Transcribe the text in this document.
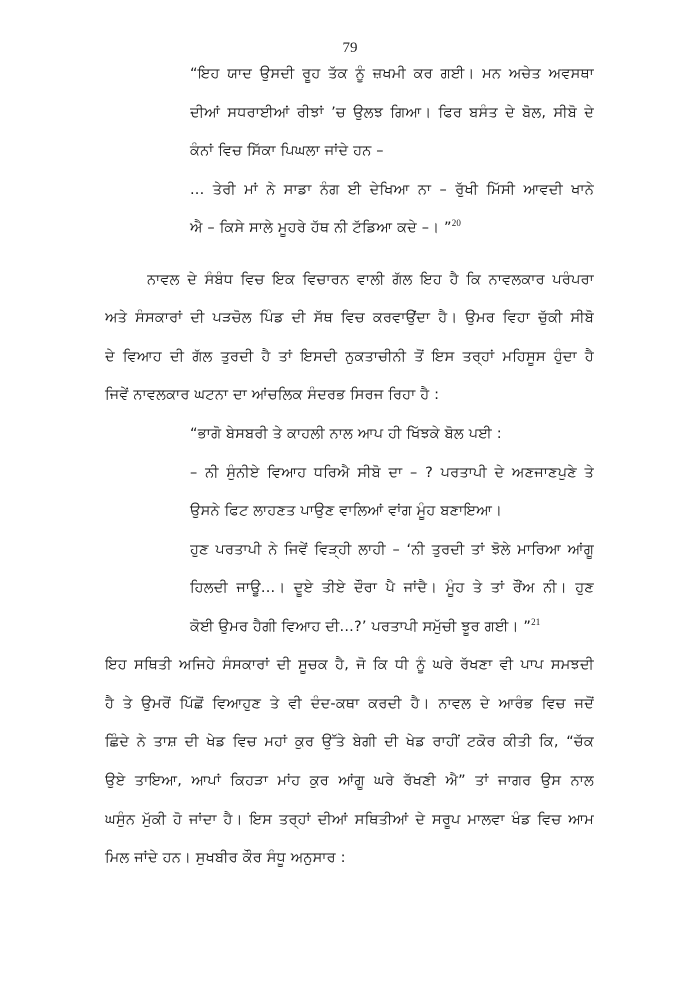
79
“ਇਹ ਯਾਦ ਉਸਦੀ ਰੂਹ ਤੱਕ ਨੂੰ ਜ਼ਖਮੀ ਕਰ ਗਈ। ਮਨ ਅਚੇਤ ਅਵਸਥਾ
ਦੀਆਂ ਸਧਰਾਈਆਂ ਰੀਝਾਂ ’ਚ ਉਲਝ ਗਿਆ। ਫਿਰ ਬਸੰਤ ਦੇ ਬੋਲ, ਸੀਬੋ ਦੇ
ਕੰਨਾਂ ਵਿਚ ਸਿੱਕਾ ਪਿਘਲਾ ਜਾਂਦੇ ਹਨ –
... ਤੇਰੀ ਮਾਂ ਨੇ ਸਾਡਾ ਨੰਗ ਈ ਦੇਖਿਆ ਨਾ – ਰੁੱਖੀ ਮਿੱਸੀ ਆਵਦੀ ਖਾਨੇ
ਐ – ਕਿਸੇ ਸਾਲੇ ਮੂਹਰੇ ਹੱਥ ਨੀ ਟੱਡਿਆ ਕਦੇ –। ”$^{20}$
ਨਾਵਲ ਦੇ ਸੰਬੰਧ ਵਿਚ ਇਕ ਵਿਚਾਰਨ ਵਾਲੀ ਗੱਲ ਇਹ ਹੈ ਕਿ ਨਾਵਲਕਾਰ ਪਰੰਪਰਾ
ਅਤੇ ਸੰਸਕਾਰਾਂ ਦੀ ਪੜਚੋਲ ਪਿੰਡ ਦੀ ਸੱਥ ਵਿਚ ਕਰਵਾਉਂਦਾ ਹੈ। ਉਮਰ ਵਿਹਾ ਚੁੱਕੀ ਸੀਬੋ
ਦੇ ਵਿਆਹ ਦੀ ਗੱਲ ਤੁਰਦੀ ਹੈ ਤਾਂ ਇਸਦੀ ਨੁਕਤਾਚੀਨੀ ਤੋਂ ਇਸ ਤਰ੍ਹਾਂ ਮਹਿਸੂਸ ਹੁੰਦਾ ਹੈ
ਜਿਵੇਂ ਨਾਵਲਕਾਰ ਘਟਨਾ ਦਾ ਆਂਚਲਿਕ ਸੰਦਰਭ ਸਿਰਜ ਰਿਹਾ ਹੈ :
“ਭਾਗੋ ਬੇਸਬਰੀ ਤੇ ਕਾਹਲੀ ਨਾਲ ਆਪ ਹੀ ਖਿੱਝਕੇ ਬੋਲ ਪਈ :
– ਨੀ ਸੁੰਨੀਏ ਵਿਆਹ ਧਰਿਐ ਸੀਬੋ ਦਾ – ? ਪਰਤਾਪੀ ਦੇ ਅਣਜਾਣਪੁਣੇ ਤੇ
ਉਸਨੇ ਫਿਟ ਲਾਹਣਤ ਪਾਉਣ ਵਾਲਿਆਂ ਵਾਂਗ ਮੂੰਹ ਬਣਾਇਆ।
ਹੁਣ ਪਰਤਾਪੀ ਨੇ ਜਿਵੇਂ ਵਿੜ੍ਹੀ ਲਾਹੀ – ‘ਨੀ ਤੁਰਦੀ ਤਾਂ ਝੋਲੇ ਮਾਰਿਆ ਆਂਗੂ
ਹਿਲਦੀ ਜਾਊ...। ਦੂਏ ਤੀਏ ਦੌਰਾ ਪੈ ਜਾਂਦੈ। ਮੂੰਹ ਤੇ ਤਾਂ ਰੌਂਅ ਨੀ। ਹੁਣ
ਕੋਈ ਉਮਰ ਹੈਗੀ ਵਿਆਹ ਦੀ...?’ ਪਰਤਾਪੀ ਸਮੁੱਚੀ ਝੂਰ ਗਈ। ”$^{21}$
ਇਹ ਸਥਿਤੀ ਅਜਿਹੇ ਸੰਸਕਾਰਾਂ ਦੀ ਸੂਚਕ ਹੈ, ਜੋ ਕਿ ਧੀ ਨੂੰ ਘਰੇ ਰੱਖਣਾ ਵੀ ਪਾਪ ਸਮਝਦੀ
ਹੈ ਤੇ ਉਮਰੋਂ ਪਿੱਛੋਂ ਵਿਆਹੁਣ ਤੇ ਵੀ ਦੰਦ-ਕਥਾ ਕਰਦੀ ਹੈ। ਨਾਵਲ ਦੇ ਆਰੰਭ ਵਿਚ ਜਦੋਂ
ਛਿੰਦੇ ਨੇ ਤਾਸ਼ ਦੀ ਖੇਡ ਵਿਚ ਮਹਾਂ ਕੁਰ ਉੱਤੇ ਬੇਗੀ ਦੀ ਖੇਡ ਰਾਹੀਂ ਟਕੋਰ ਕੀਤੀ ਕਿ, “ਚੱਕ
ਉਏ ਤਾਇਆ, ਆਪਾਂ ਕਿਹੜਾ ਮਾਂਹ ਕੁਰ ਆਂਗੂ ਘਰੇ ਰੱਖਣੀ ਐ” ਤਾਂ ਜਾਗਰ ਉਸ ਨਾਲ
ਘਸੁੰਨ ਮੁੱਕੀ ਹੋ ਜਾਂਦਾ ਹੈ। ਇਸ ਤਰ੍ਹਾਂ ਦੀਆਂ ਸਥਿਤੀਆਂ ਦੇ ਸਰੂਪ ਮਾਲਵਾ ਖੰਡ ਵਿਚ ਆਮ
ਮਿਲ ਜਾਂਦੇ ਹਨ। ਸੁਖਬੀਰ ਕੌਰ ਸੰਧੂ ਅਨੁਸਾਰ :
